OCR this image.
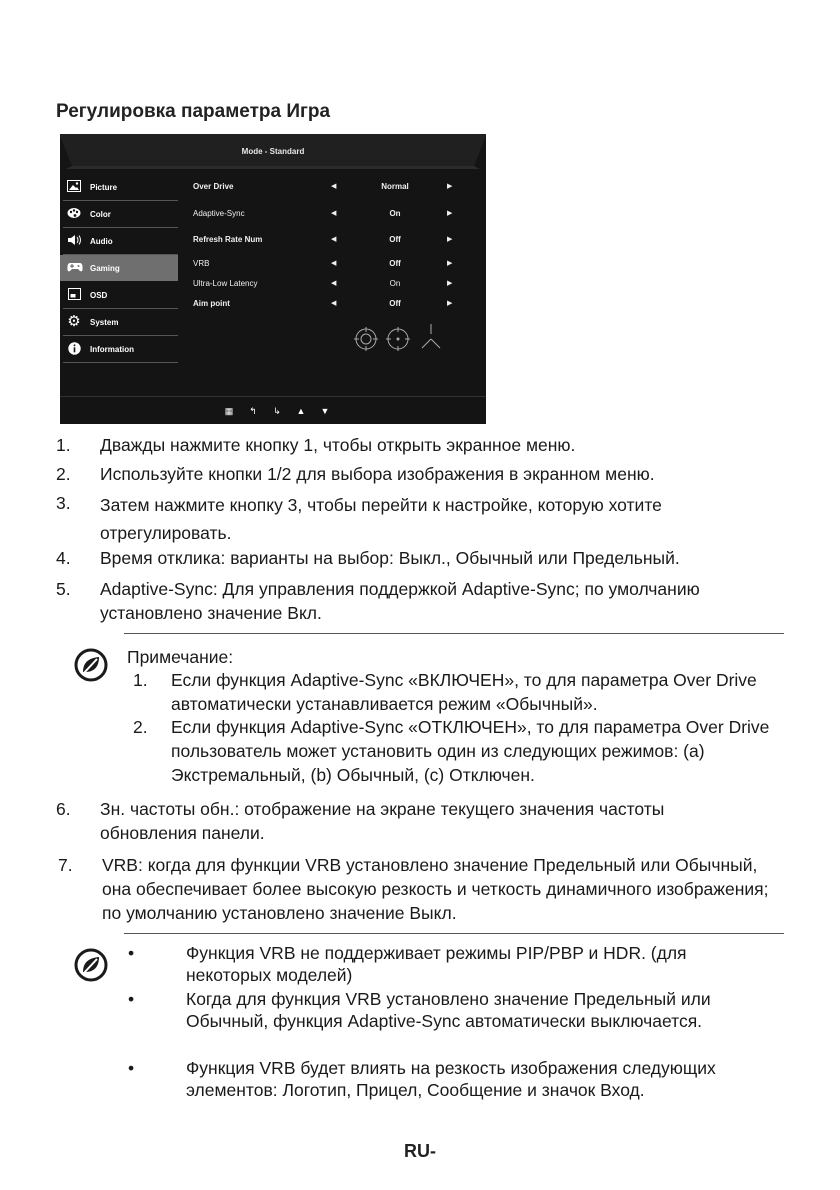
Регулировка параметра Игра
Mode - Standard
Picture
Color
Audio
Gaming
OSD
⚙ System
Information
Over Drive	◀	Normal	▶
Adaptive-Sync	◀	On	▶
Refresh Rate Num	◀	Off	▶
VRB	◀	Off	▶
Ultra-Low Latency	◀	On	▶
Aim point	◀	Off	▶
▦	↰	↳	▲ ▼
1. Дважды нажмите кнопку 1, чтобы открыть экранное меню.
2. Используйте кнопки 1/2 для выбора изображения в экранном меню.
3. Затем нажмите кнопку 3, чтобы перейти к настройке, которую хотите отрегулировать.
4. Время отклика: варианты на выбор: Выкл., Обычный или Предельный.
5. Adaptive-Sync: Для управления поддержкой Adaptive-Sync; по умолчанию установлено значение Вкл.
Примечание:
1. Если функция Adaptive-Sync «ВКЛЮЧЕН», то для параметра Over Drive автоматически устанавливается режим «Обычный».
2. Если функция Adaptive-Sync «ОТКЛЮЧЕН», то для параметра Over Drive пользователь может установить один из следующих режимов: (a) Экстремальный, (b) Обычный, (c) Отключен.
6. Зн. частоты обн.: отображение на экране текущего значения частоты обновления панели.
7. VRB: когда для функции VRB установлено значение Предельный или Обычный, она обеспечивает более высокую резкость и четкость динамичного изображения; по умолчанию установлено значение Выкл.
•	Функция VRB не поддерживает режимы PIP/PBP и HDR. (для некоторых моделей)
•	Когда для функция VRB установлено значение Предельный или Обычный, функция Adaptive-Sync автоматически выключается.
•	Функция VRB будет влиять на резкость изображения следующих элементов: Логотип, Прицел, Сообщение и значок Вход.
RU-
